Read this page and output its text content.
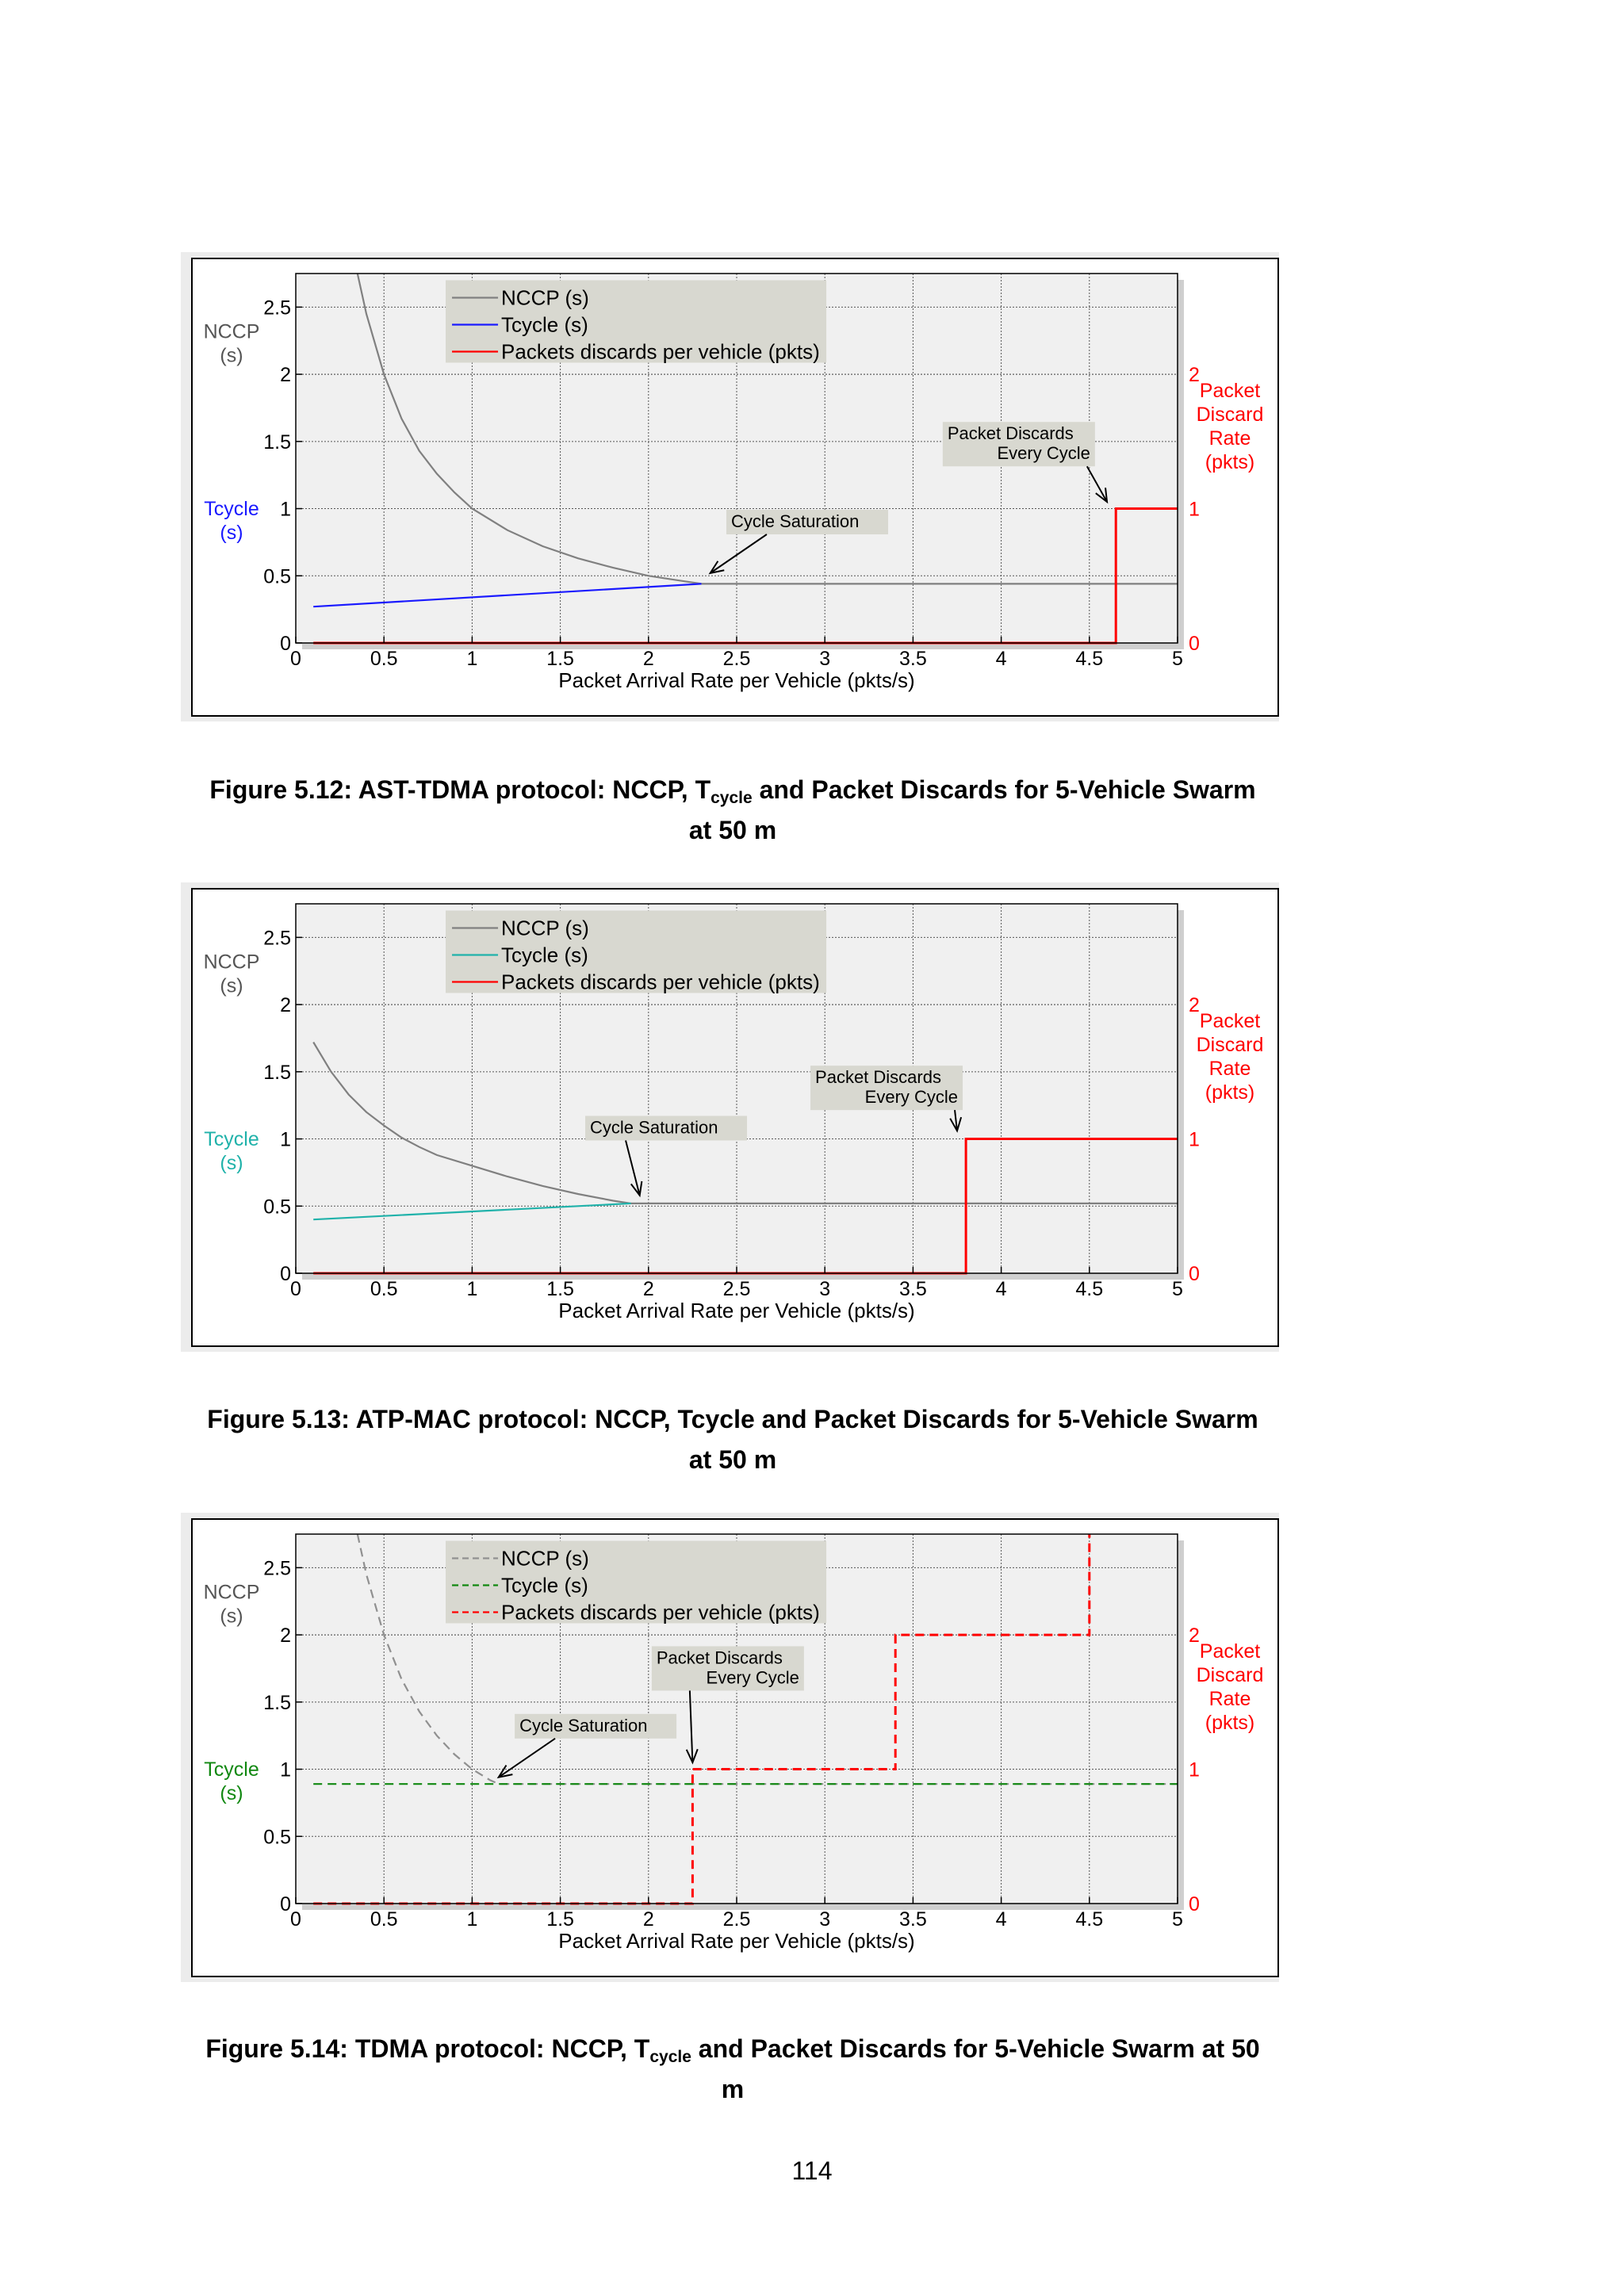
0	0.5	1	1.5	2	2.5	3	3.5	4	4.5	5
Packet Arrival Rate per Vehicle (pkts/s)
0
0.5
1
1.5
2
2.5
NCCP
(s)
Tcycle
(s)
0
1
2
Packet
Discard
Rate
(pkts)
NCCP (s)
Tcycle (s)
Packets discards per vehicle (pkts)
Packet Discards
Every Cycle
Cycle Saturation
Figure 5.12: AST-TDMA protocol: NCCP, $T_{cycle}$ and Packet Discards for 5-Vehicle Swarm
at 50 m
0	0.5	1	1.5	2	2.5	3	3.5	4	4.5	5
Packet Arrival Rate per Vehicle (pkts/s)
0
0.5
1
1.5
2
2.5
NCCP
(s)
Tcycle
(s)
0
1
2
Packet
Discard
Rate
(pkts)
NCCP (s)
Tcycle (s)
Packets discards per vehicle (pkts)
Packet Discards
Every Cycle
Cycle Saturation
Figure 5.13: ATP-MAC protocol: NCCP, Tcycle and Packet Discards for 5-Vehicle Swarm
at 50 m
0	0.5	1	1.5	2	2.5	3	3.5	4	4.5	5
Packet Arrival Rate per Vehicle (pkts/s)
0
0.5
1
1.5
2
2.5
NCCP
(s)
Tcycle
(s)
0
1
2
Packet
Discard
Rate
(pkts)
NCCP (s)
Tcycle (s)
Packets discards per vehicle (pkts)
Packet Discards
Every Cycle
Cycle Saturation
Figure 5.14: TDMA protocol: NCCP, $T_{cycle}$ and Packet Discards for 5-Vehicle Swarm at 50
m
114
